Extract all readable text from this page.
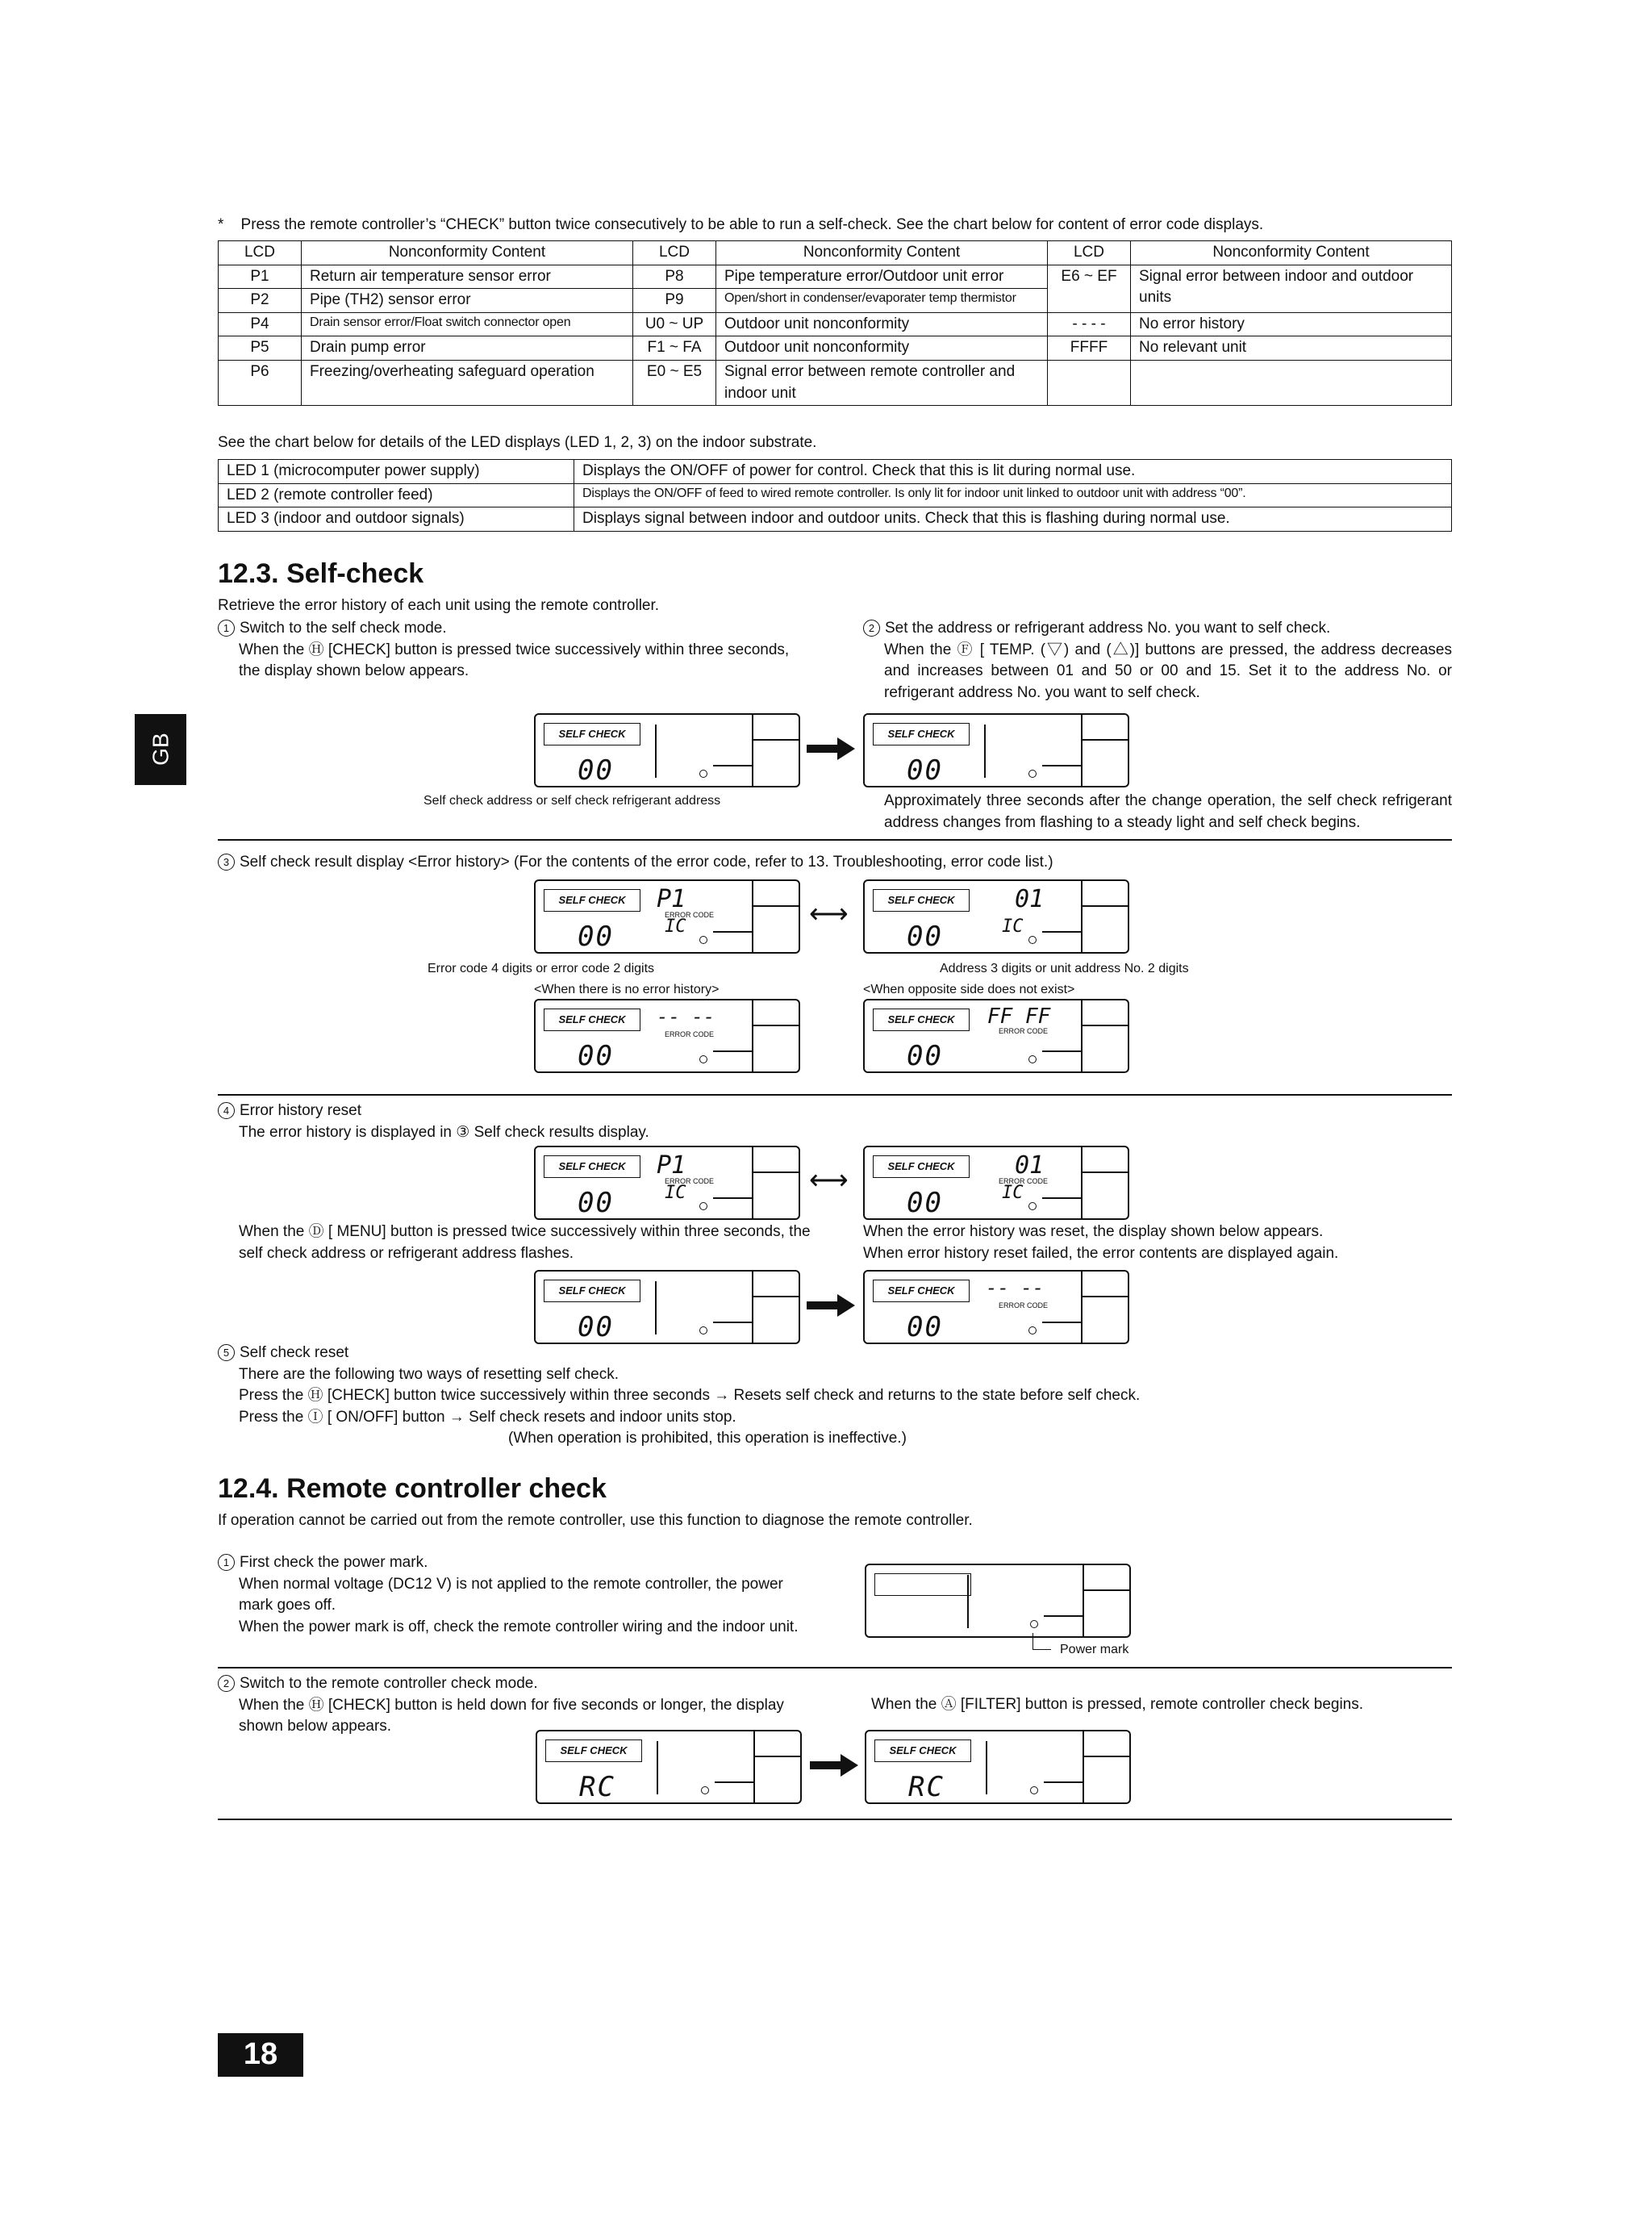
* Press the remote controller’s “CHECK” button twice consecutively to be able to run a self-check. See the chart below for content of error code displays.
LCD	Nonconformity Content	LCD	Nonconformity Content	LCD	Nonconformity Content
P1	Return air temperature sensor error	P8	Pipe temperature error/Outdoor unit error	E6 ~ EF	Signal error between indoor and outdoor units
P2	Pipe (TH2) sensor error	P9	Open/short in condenser/evaporater temp thermistor		
P4	Drain sensor error/Float switch connector open	U0 ~ UP	Outdoor unit nonconformity	- - - -	No error history
P5	Drain pump error	F1 ~ FA	Outdoor unit nonconformity	FFFF	No relevant unit
P6	Freezing/overheating safeguard operation	E0 ~ E5	Signal error between remote controller and indoor unit		
See the chart below for details of the LED displays (LED 1, 2, 3) on the indoor substrate.
LED 1 (microcomputer power supply)	Displays the ON/OFF of power for control. Check that this is lit during normal use.
LED 2 (remote controller feed)	Displays the ON/OFF of feed to wired remote controller. Is only lit for indoor unit linked to outdoor unit with address “00”.
LED 3 (indoor and outdoor signals)	Displays signal between indoor and outdoor units. Check that this is flashing during normal use.
12.3. Self-check
Retrieve the error history of each unit using the remote controller.
1 Switch to the self check mode.
When the Ⓗ [CHECK] button is pressed twice successively within three seconds, the display shown below appears.
2 Set the address or refrigerant address No. you want to self check.
When the Ⓕ [ TEMP. (▽) and (△)] buttons are pressed, the address decreases and increases between 01 and 50 or 00 and 15. Set it to the address No. or refrigerant address No. you want to self check.
SELF CHECK
00
SELF CHECK
00
Self check address or self check refrigerant address	Approximately three seconds after the change operation, the self check refrigerant address changes from flashing to a steady light and self check begins.
3 Self check result display <Error history> (For the contents of the error code, refer to 13. Troubleshooting, error code list.)
SELF CHECK
00
P1
ERROR CODE
IC	⟷	SELF CHECK
00
01
IC
Error code 4 digits or error code 2 digits	Address 3 digits or unit address No. 2 digits
<When there is no error history>	<When opposite side does not exist>
SELF CHECK
00
-- --
ERROR CODE
SELF CHECK
00
FF FF
ERROR CODE
4 Error history reset
The error history is displayed in ③ Self check results display.
SELF CHECK
00
P1
ERROR CODE
IC	⟷	SELF CHECK
00
01
ERROR CODE
IC
When the Ⓓ [ MENU] button is pressed twice successively within three seconds, the self check address or refrigerant address flashes.
When the error history was reset, the display shown below appears.
When error history reset failed, the error contents are displayed again.
SELF CHECK
00
SELF CHECK
00
-- --
ERROR CODE
5 Self check reset
There are the following two ways of resetting self check.
Press the Ⓗ [CHECK] button twice successively within three seconds → Resets self check and returns to the state before self check.
Press the Ⓘ [ ON/OFF] button → Self check resets and indoor units stop.
(When operation is prohibited, this operation is ineffective.)
12.4. Remote controller check
If operation cannot be carried out from the remote controller, use this function to diagnose the remote controller.
1 First check the power mark.
When normal voltage (DC12 V) is not applied to the remote controller, the power mark goes off.
When the power mark is off, check the remote controller wiring and the indoor unit.
Power mark
2 Switch to the remote controller check mode.
When the Ⓗ [CHECK] button is held down for five seconds or longer, the display shown below appears.
When the Ⓐ [FILTER] button is pressed, remote controller check begins.
SELF CHECK
RC
SELF CHECK
RC
GB
18
